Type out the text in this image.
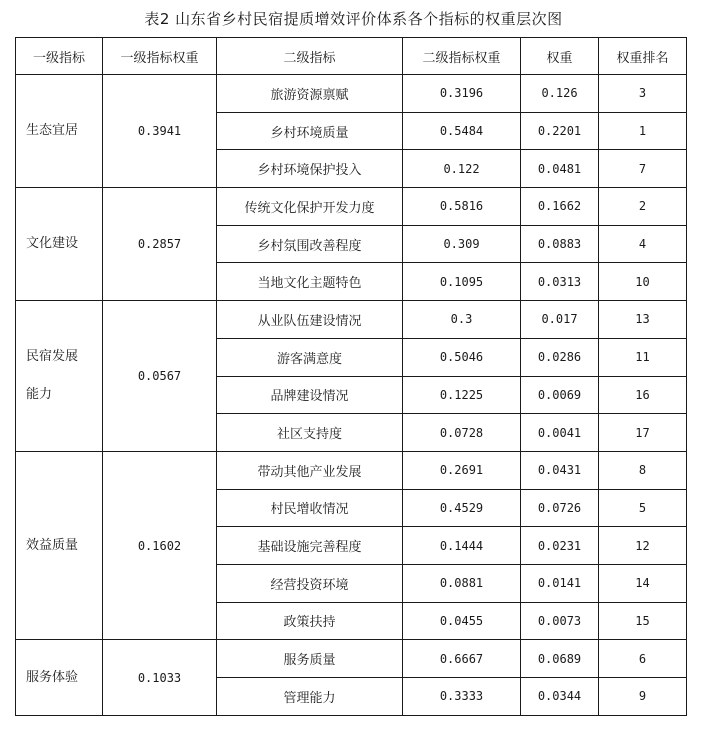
表2 山东省乡村民宿提质增效评价体系各个指标的权重层次图
一级指标	一级指标权重	二级指标	二级指标权重	权重	权重排名

生态宜居	0.3941	旅游资源禀赋	0.3196	0.126	3
		乡村环境质量	0.5484	0.2201	1
		乡村环境保护投入	0.122	0.0481	7

文化建设	0.2857	传统文化保护开发力度	0.5816	0.1662	2
		乡村氛围改善程度	0.309	0.0883	4
		当地文化主题特色	0.1095	0.0313	10

民宿发展
能力	0.0567	从业队伍建设情况	0.3	0.017	13
		游客满意度	0.5046	0.0286	11
		品牌建设情况	0.1225	0.0069	16
		社区支持度	0.0728	0.0041	17

效益质量	0.1602	带动其他产业发展	0.2691	0.0431	8
		村民增收情况	0.4529	0.0726	5
		基础设施完善程度	0.1444	0.0231	12
		经营投资环境	0.0881	0.0141	14
		政策扶持	0.0455	0.0073	15

服务体验	0.1033	服务质量	0.6667	0.0689	6
		管理能力	0.3333	0.0344	9
